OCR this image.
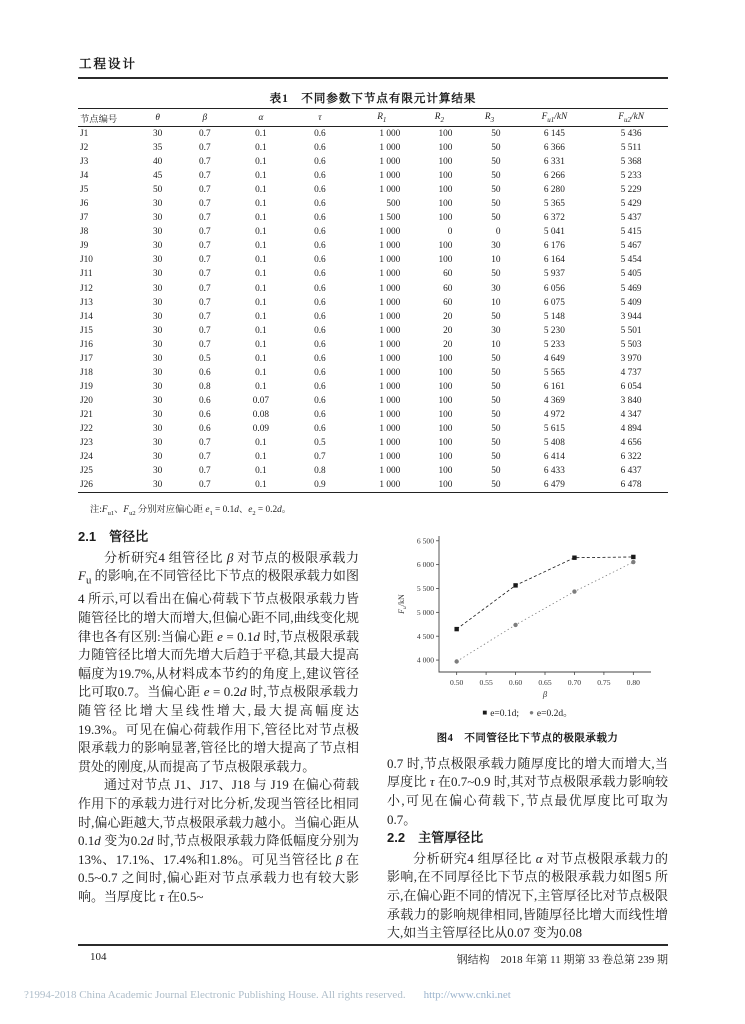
工程设计
表1　不同参数下节点有限元计算结果
节点编号	θ	β	α	τ	$R_1$	$R_2$	$R_3$	$F_{u1}/kN$	$F_{u2}/kN$
J1	30	0.7	0.1	0.6	1 000	100	50	6 145	5 436
J2	35	0.7	0.1	0.6	1 000	100	50	6 366	5 511
J3	40	0.7	0.1	0.6	1 000	100	50	6 331	5 368
J4	45	0.7	0.1	0.6	1 000	100	50	6 266	5 233
J5	50	0.7	0.1	0.6	1 000	100	50	6 280	5 229
J6	30	0.7	0.1	0.6	500	100	50	5 365	5 429
J7	30	0.7	0.1	0.6	1 500	100	50	6 372	5 437
J8	30	0.7	0.1	0.6	1 000	0	0	5 041	5 415
J9	30	0.7	0.1	0.6	1 000	100	30	6 176	5 467
J10	30	0.7	0.1	0.6	1 000	100	10	6 164	5 454
J11	30	0.7	0.1	0.6	1 000	60	50	5 937	5 405
J12	30	0.7	0.1	0.6	1 000	60	30	6 056	5 469
J13	30	0.7	0.1	0.6	1 000	60	10	6 075	5 409
J14	30	0.7	0.1	0.6	1 000	20	50	5 148	3 944
J15	30	0.7	0.1	0.6	1 000	20	30	5 230	5 501
J16	30	0.7	0.1	0.6	1 000	20	10	5 233	5 503
J17	30	0.5	0.1	0.6	1 000	100	50	4 649	3 970
J18	30	0.6	0.1	0.6	1 000	100	50	5 565	4 737
J19	30	0.8	0.1	0.6	1 000	100	50	6 161	6 054
J20	30	0.6	0.07	0.6	1 000	100	50	4 369	3 840
J21	30	0.6	0.08	0.6	1 000	100	50	4 972	4 347
J22	30	0.6	0.09	0.6	1 000	100	50	5 615	4 894
J23	30	0.7	0.1	0.5	1 000	100	50	5 408	4 656
J24	30	0.7	0.1	0.7	1 000	100	50	6 414	6 322
J25	30	0.7	0.1	0.8	1 000	100	50	6 433	6 437
J26	30	0.7	0.1	0.9	1 000	100	50	6 479	6 478
注$:F_{u1}$、$F_{u2}$ 分别对应偏心距 $e_1 = 0.1d$、$e_2 = 0.2d$。
2.1　管径比

分析研究4 组管径比 β 对节点的极限承载力 $F_u$ 的影响,在不同管径比下节点的极限承载力如图4 所示,可以看出在偏心荷载下节点极限承载力皆随管径比的增大而增大,但偏心距不同,曲线变化规律也各有区别:当偏心距 e = 0.1d 时,节点极限承载力随管径比增大而先增大后趋于平稳,其最大提高幅度为19.7%,从材料成本节约的角度上,建议管径比可取0.7。当偏心距 e = 0.2d 时,节点极限承载力随管径比增大呈线性增大,最大提高幅度达19.3%。可见在偏心荷载作用下,管径比对节点极限承载力的影响显著,管径比的增大提高了节点相贯处的刚度,从而提高了节点极限承载力。

通过对节点 J1、J17、J18 与 J19 在偏心荷载作用下的承载力进行对比分析,发现当管径比相同时,偏心距越大,节点极限承载力越小。当偏心距从0.1d 变为0.2d 时,节点极限承载力降低幅度分别为13%、17.1%、17.4%和1.8%。可见当管径比 β 在0.5~0.7 之间时,偏心距对节点承载力也有较大影响。当厚度比 τ 在0.5~

4 000
4 500
5 000
5 500
6 000
6 500
0.50 0.55 0.60 0.65 0.70 0.75 0.80
β
$F_u/kN$
■ e=0.1d; ● e=0.2d。
图4　不同管径比下节点的极限承载力

0.7 时,节点极限承载力随厚度比的增大而增大,当厚度比 τ 在0.7~0.9 时,其对节点极限承载力影响较小,可见在偏心荷载下,节点最优厚度比可取为0.7。

2.2　主管厚径比

分析研究4 组厚径比 α 对节点极限承载力的影响,在不同厚径比下节点的极限承载力如图5 所示,在偏心距不同的情况下,主管厚径比对节点极限承载力的影响规律相同,皆随厚径比增大而线性增大,如当主管厚径比从0.07 变为0.08

104	钢结构　2018 年第 11 期第 33 卷总第 239 期
?1994-2018 China Academic Journal Electronic Publishing House. All rights reserved. http://www.cnki.net
